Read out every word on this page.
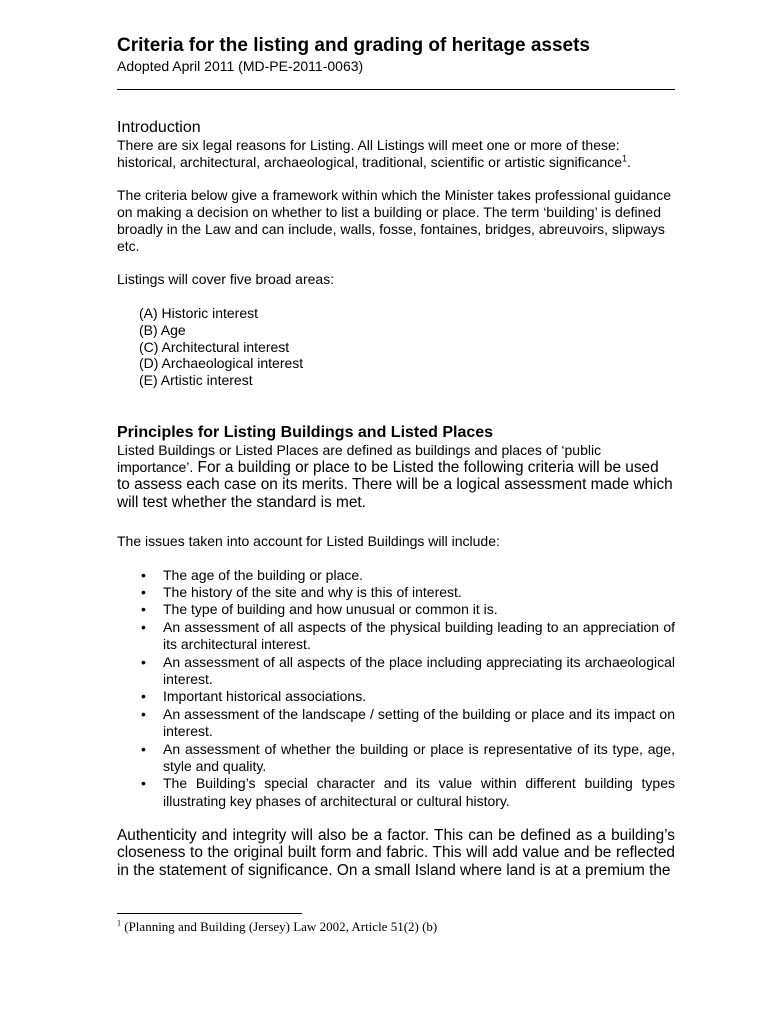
Criteria for the listing and grading of heritage assets

Adopted April 2011 (MD-PE-2011-0063)

Introduction

There are six legal reasons for Listing. All Listings will meet one or more of these: historical, architectural, archaeological, traditional, scientific or artistic significance$^1$.

The criteria below give a framework within which the Minister takes professional guidance on making a decision on whether to list a building or place. The term ‘building’ is defined broadly in the Law and can include, walls, fosse, fontaines, bridges, abreuvoirs, slipways etc.

Listings will cover five broad areas:

(A) Historic interest
(B) Age
(C) Architectural interest
(D) Archaeological interest
(E) Artistic interest
Principles for Listing Buildings and Listed Places

Listed Buildings or Listed Places are defined as buildings and places of ‘public importance’. For a building or place to be Listed the following criteria will be used to assess each case on its merits. There will be a logical assessment made which will test whether the standard is met.

The issues taken into account for Listed Buildings will include:

• The age of the building or place.
• The history of the site and why is this of interest.
• The type of building and how unusual or common it is.
• An assessment of all aspects of the physical building leading to an appreciation of its architectural interest.
• An assessment of all aspects of the place including appreciating its archaeological interest.
• Important historical associations.
• An assessment of the landscape / setting of the building or place and its impact on interest.
• An assessment of whether the building or place is representative of its type, age, style and quality.
• The Building’s special character and its value within different building types illustrating key phases of architectural or cultural history.

Authenticity and integrity will also be a factor. This can be defined as a building’s closeness to the original built form and fabric. This will add value and be reflected in the statement of significance. On a small Island where land is at a premium the

$^1$ (Planning and Building (Jersey) Law 2002, Article 51(2) (b)
